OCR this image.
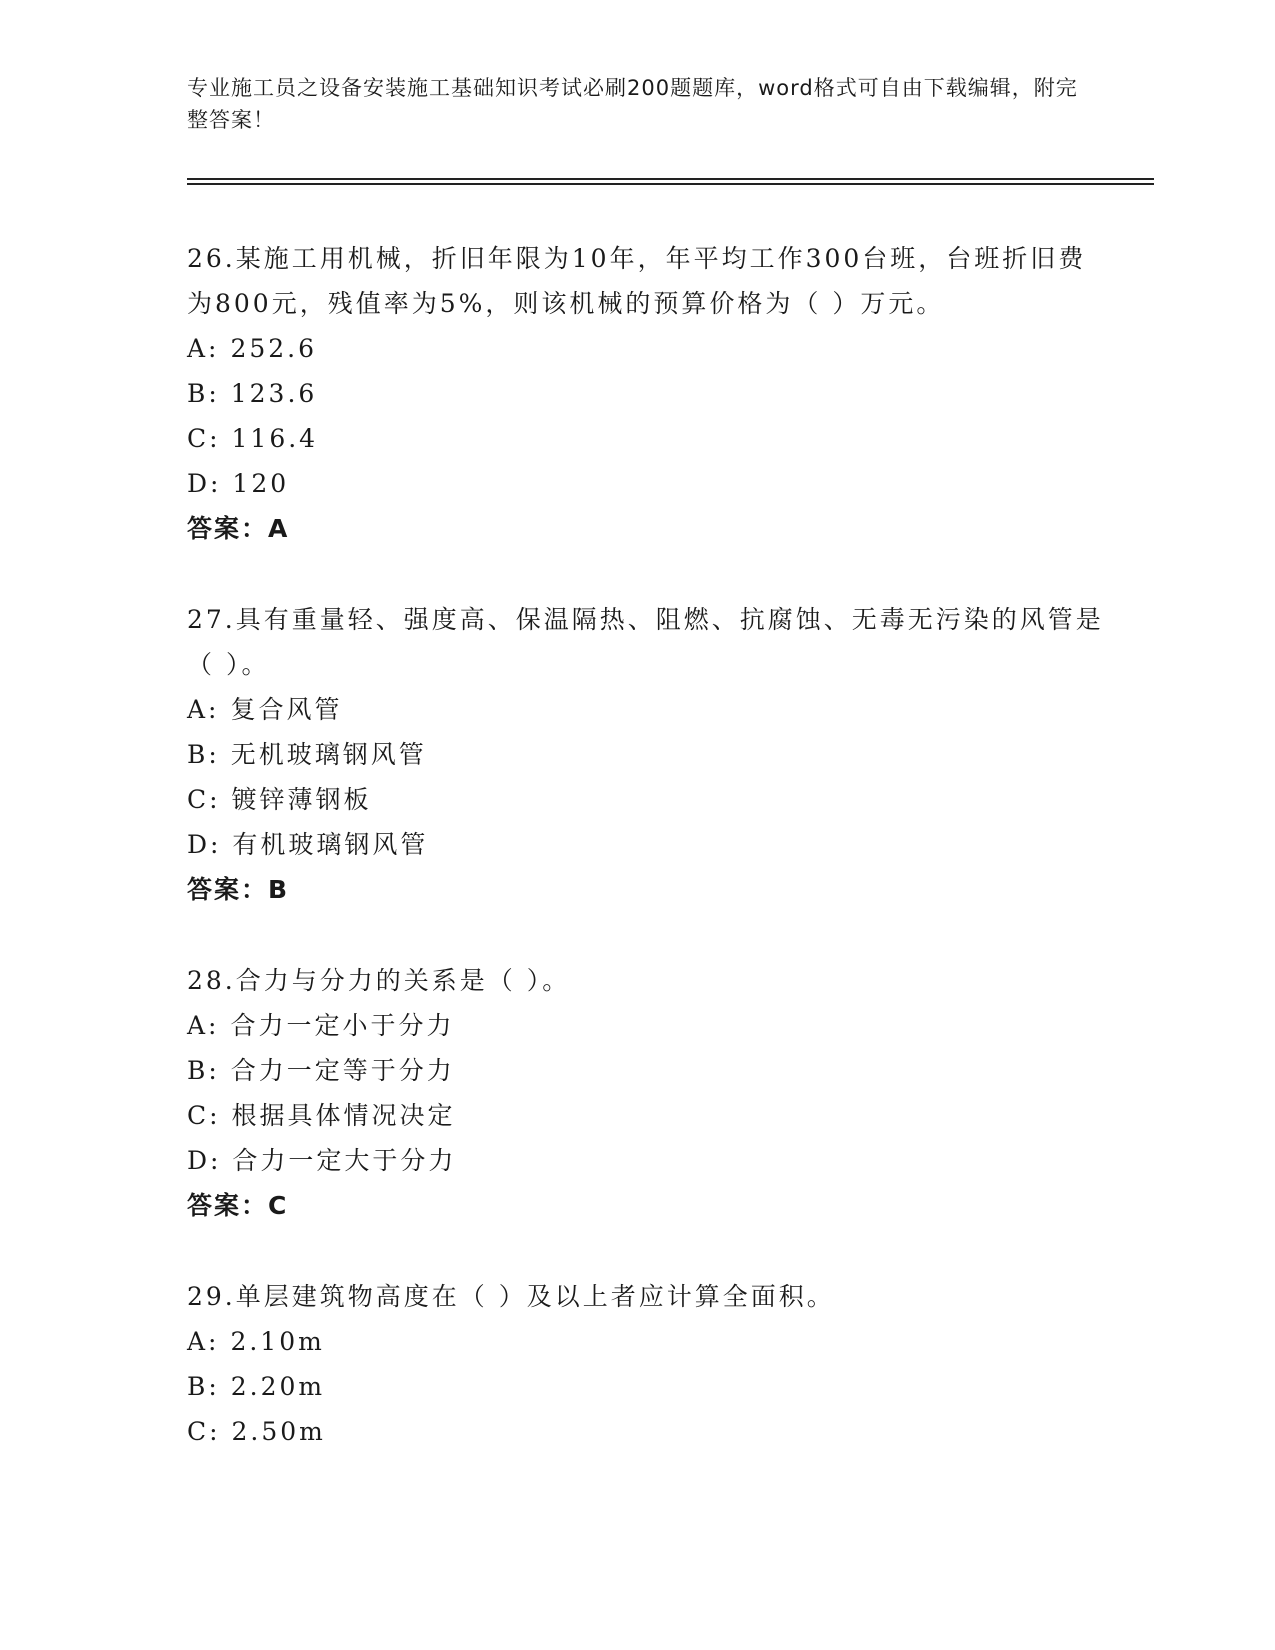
专业施工员之设备安装施工基础知识考试必刷200题题库，word格式可自由下载编辑，附完整答案！

26.某施工用机械，折旧年限为10年，年平均工作300台班，台班折旧费为800元，残值率为5%，则该机械的预算价格为（ ）万元。

A: 252.6
B: 123.6
C: 116.4
D: 120
答案：A

27.具有重量轻、强度高、保温隔热、阻燃、抗腐蚀、无毒无污染的风管是（ ）。

A: 复合风管
B: 无机玻璃钢风管
C: 镀锌薄钢板
D: 有机玻璃钢风管
答案：B

28.合力与分力的关系是（ ）。

A: 合力一定小于分力
B: 合力一定等于分力
C: 根据具体情况决定
D: 合力一定大于分力
答案：C

29.单层建筑物高度在（ ）及以上者应计算全面积。

A: 2.10m
B: 2.20m
C: 2.50m
